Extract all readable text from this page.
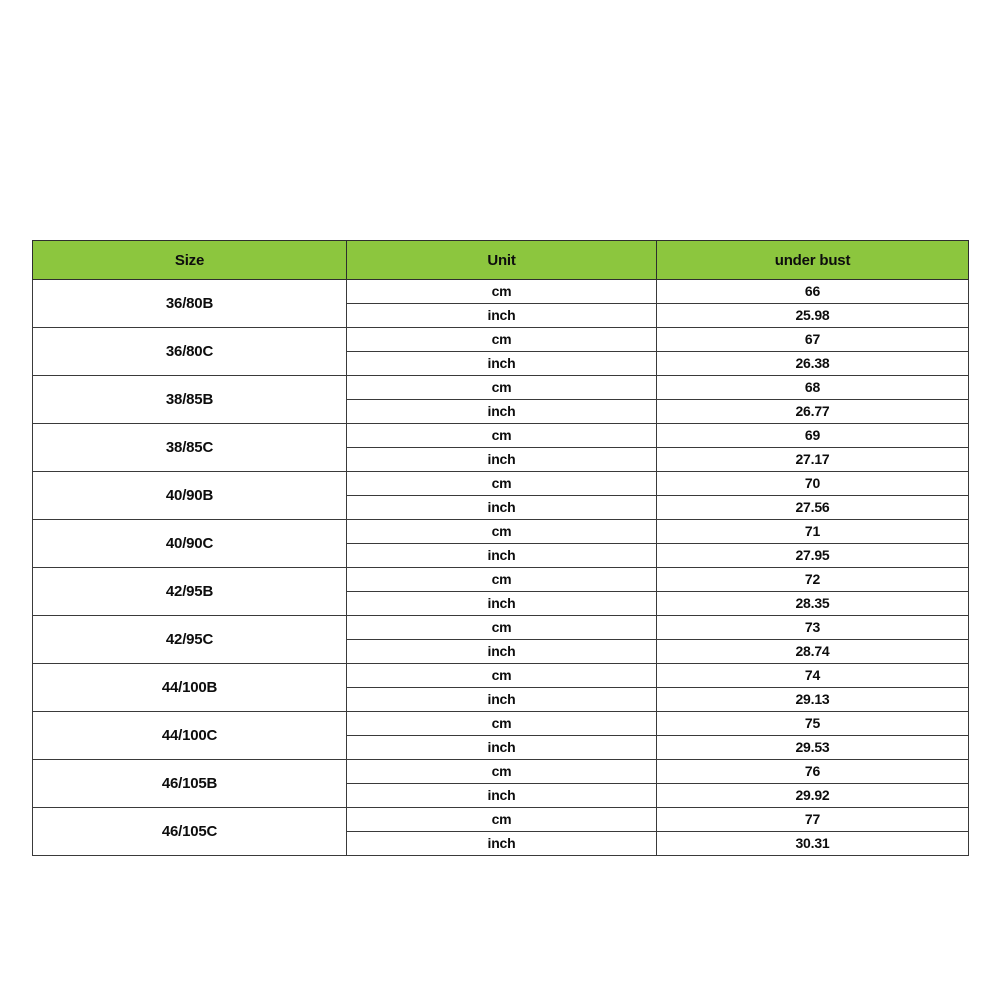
Size	Unit	under bust
36/80B	cm	66
	inch	25.98
36/80C	cm	67
	inch	26.38
38/85B	cm	68
	inch	26.77
38/85C	cm	69
	inch	27.17
40/90B	cm	70
	inch	27.56
40/90C	cm	71
	inch	27.95
42/95B	cm	72
	inch	28.35
42/95C	cm	73
	inch	28.74
44/100B	cm	74
	inch	29.13
44/100C	cm	75
	inch	29.53
46/105B	cm	76
	inch	29.92
46/105C	cm	77
	inch	30.31
